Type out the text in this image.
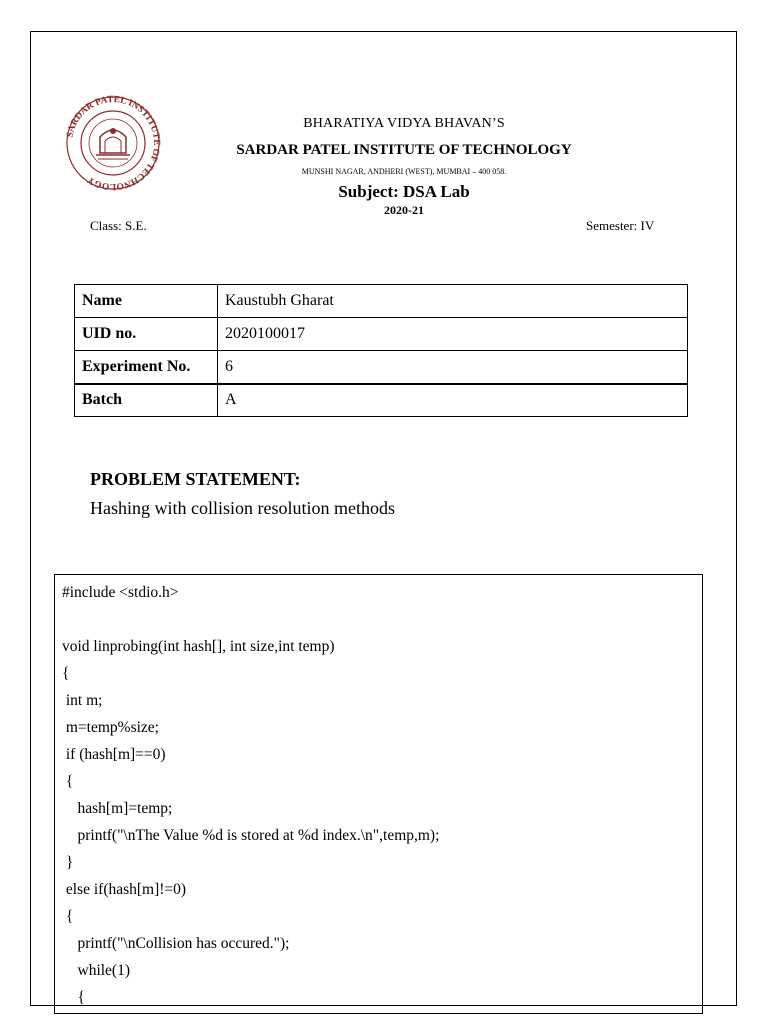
SARDAR PATEL INSTITUTE OF TECHNOLOGY
BHARATIYA VIDYA BHAVAN’S
SARDAR PATEL INSTITUTE OF TECHNOLOGY
MUNSHI NAGAR, ANDHERI (WEST), MUMBAI – 400 058.
Subject: DSA Lab
2020-21
Class: S.E.	Semester: IV
Name	Kaustubh Gharat
UID no.	2020100017
Experiment No.	6
Batch	A
PROBLEM STATEMENT:
Hashing with collision resolution methods
#include <stdio.h>
void linprobing(int hash[], int size,int temp)
{
int m;
m=temp%size;
if (hash[m]==0)
{
hash[m]=temp;
printf("\nThe Value %d is stored at %d index.\n",temp,m);
}
else if(hash[m]!=0)
{
printf("\nCollision has occured.");
while(1)
{
